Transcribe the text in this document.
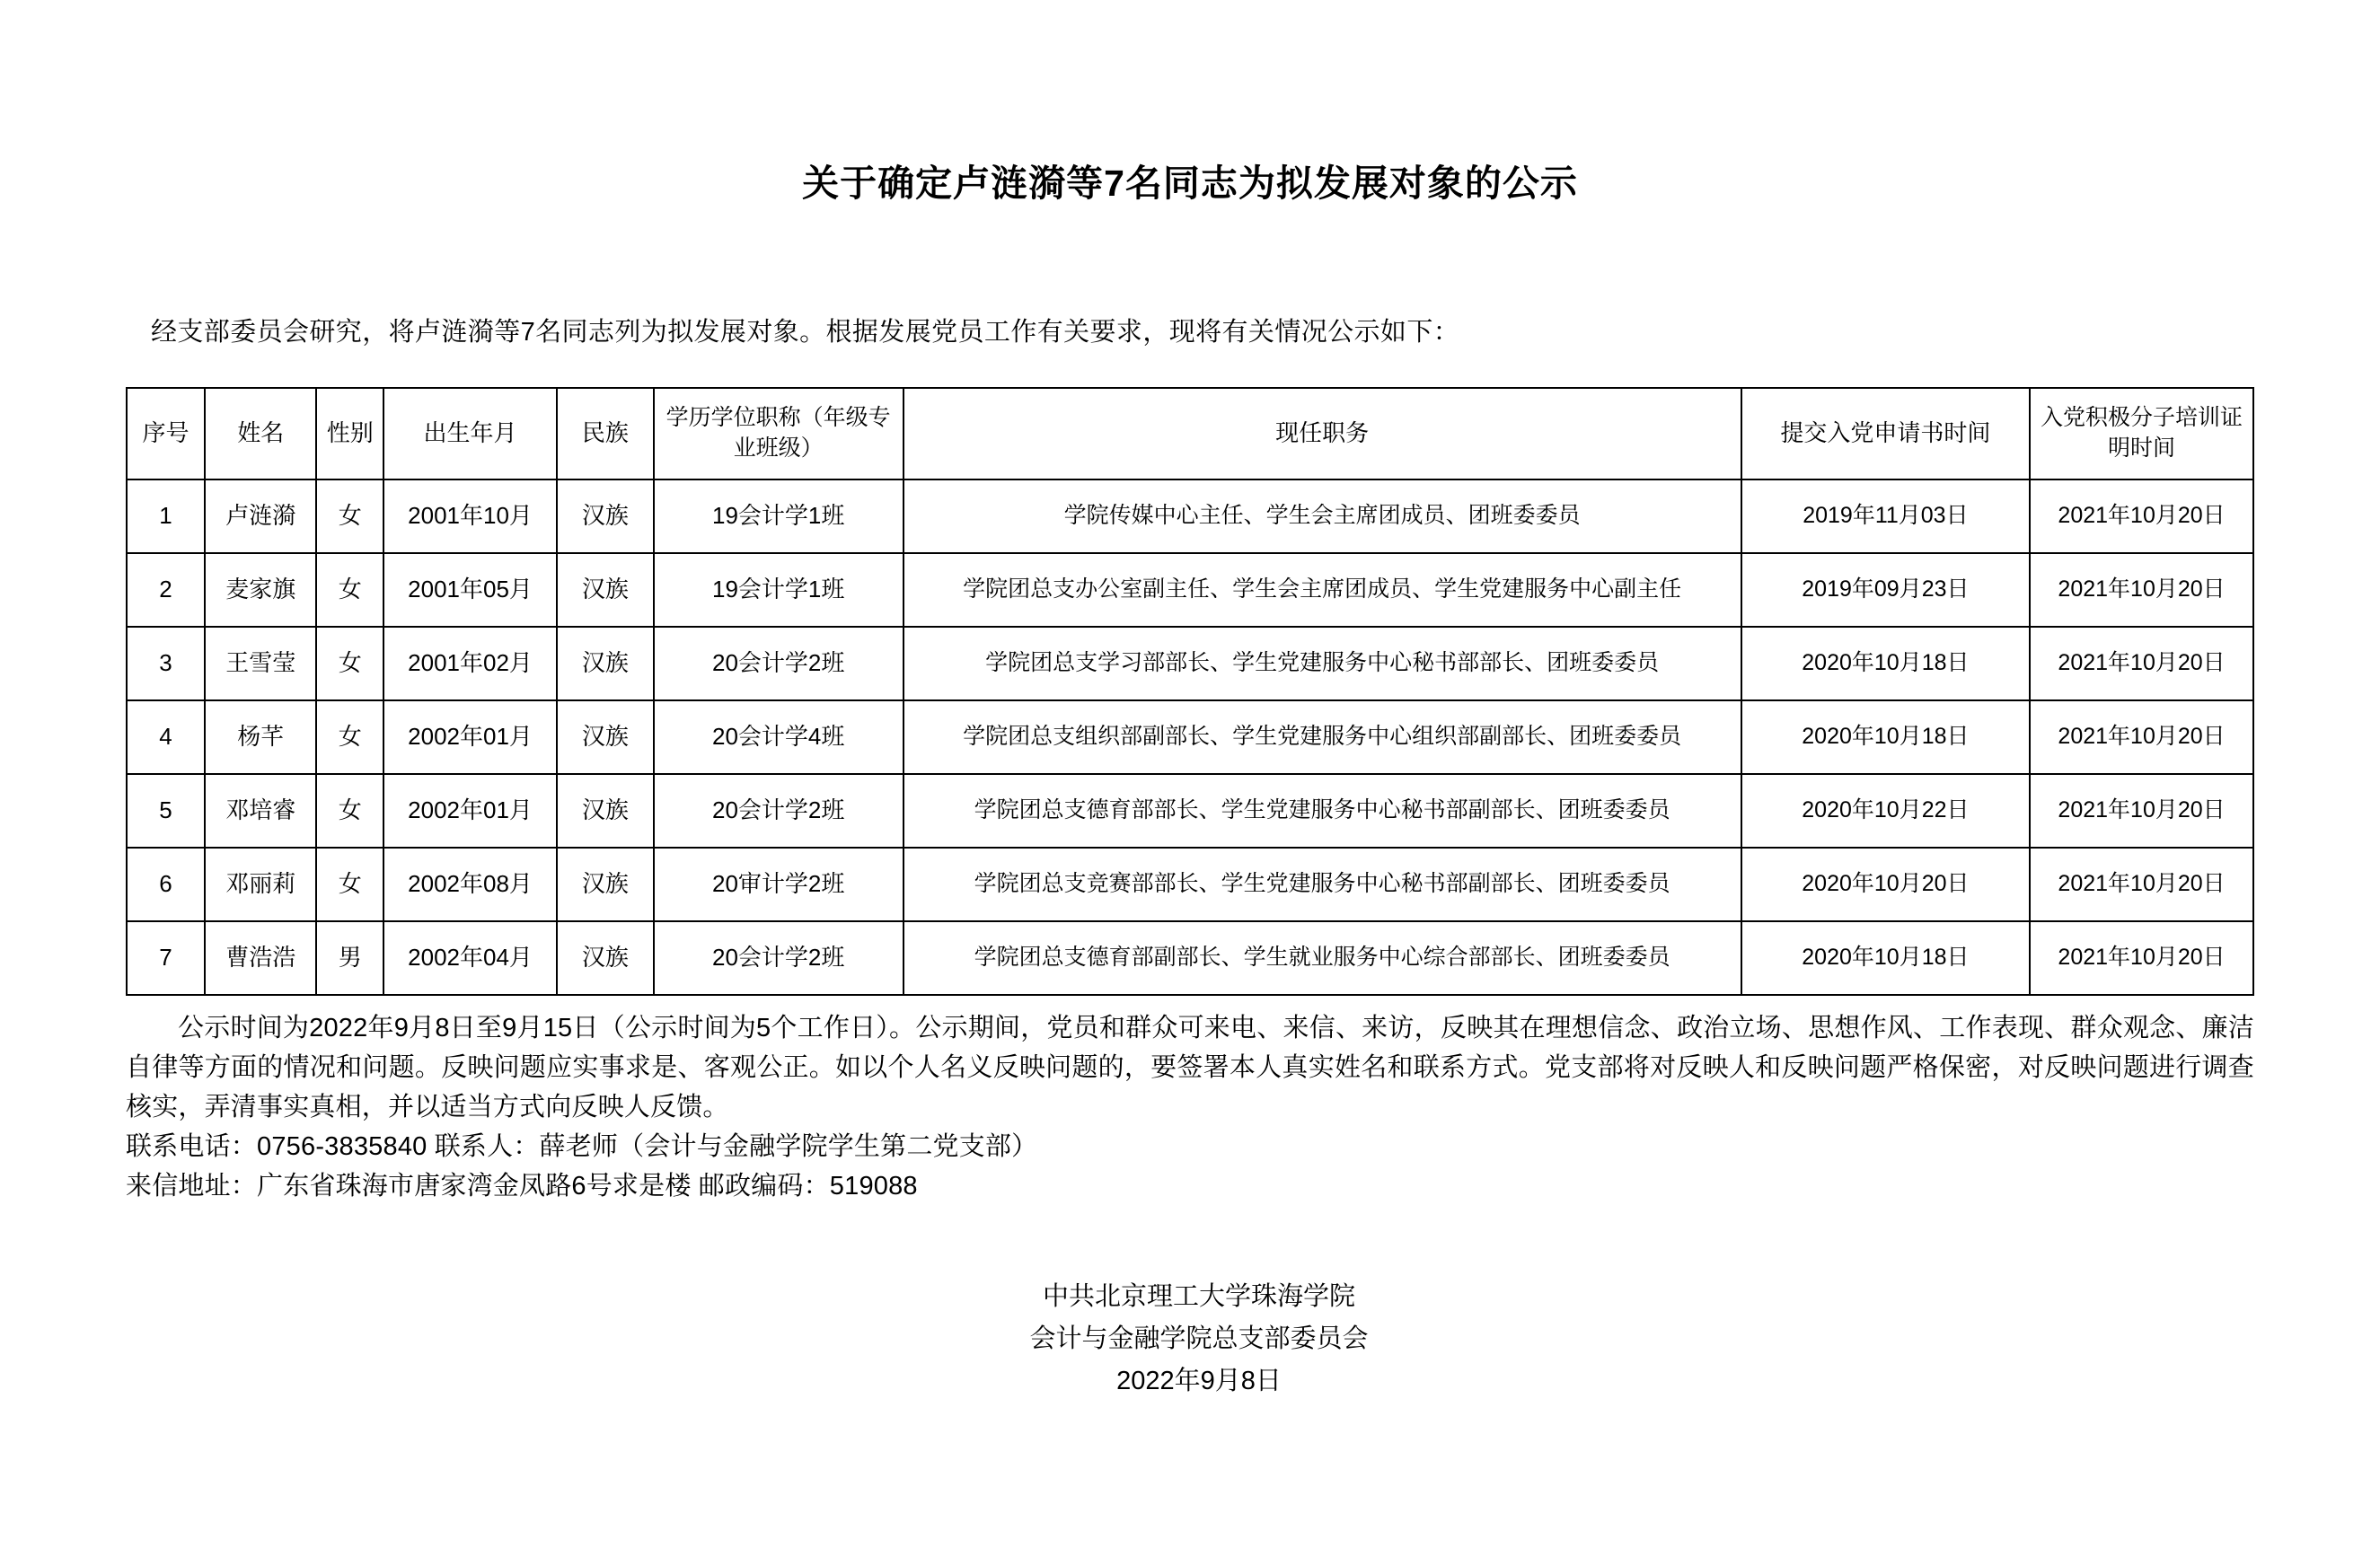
关于确定卢涟漪等7名同志为拟发展对象的公示

经支部委员会研究，将卢涟漪等7名同志列为拟发展对象。根据发展党员工作有关要求，现将有关情况公示如下：

序号	姓名	性别	出生年月	民族	学历学位职称（年级专业班级）	现任职务	提交入党申请书时间	入党积极分子培训证明时间
1	卢涟漪	女	2001年10月	汉族	19会计学1班	学院传媒中心主任、学生会主席团成员、团班委委员	2019年11月03日	2021年10月20日
2	麦家旗	女	2001年05月	汉族	19会计学1班	学院团总支办公室副主任、学生会主席团成员、学生党建服务中心副主任	2019年09月23日	2021年10月20日
3	王雪莹	女	2001年02月	汉族	20会计学2班	学院团总支学习部部长、学生党建服务中心秘书部部长、团班委委员	2020年10月18日	2021年10月20日
4	杨芊	女	2002年01月	汉族	20会计学4班	学院团总支组织部副部长、学生党建服务中心组织部副部长、团班委委员	2020年10月18日	2021年10月20日
5	邓培睿	女	2002年01月	汉族	20会计学2班	学院团总支德育部部长、学生党建服务中心秘书部副部长、团班委委员	2020年10月22日	2021年10月20日
6	邓丽莉	女	2002年08月	汉族	20审计学2班	学院团总支竞赛部部长、学生党建服务中心秘书部副部长、团班委委员	2020年10月20日	2021年10月20日
7	曹浩浩	男	2002年04月	汉族	20会计学2班	学院团总支德育部副部长、学生就业服务中心综合部部长、团班委委员	2020年10月18日	2021年10月20日

公示时间为2022年9月8日至9月15日（公示时间为5个工作日）。公示期间，党员和群众可来电、来信、来访，反映其在理想信念、政治立场、思想作风、工作表现、群众观念、廉洁自律等方面的情况和问题。反映问题应实事求是、客观公正。如以个人名义反映问题的，要签署本人真实姓名和联系方式。党支部将对反映人和反映问题严格保密，对反映问题进行调查核实，弄清事实真相，并以适当方式向反映人反馈。

联系电话：0756-3835840 联系人：薛老师（会计与金融学院学生第二党支部）

来信地址：广东省珠海市唐家湾金凤路6号求是楼 邮政编码：519088

中共北京理工大学珠海学院
会计与金融学院总支部委员会
2022年9月8日
